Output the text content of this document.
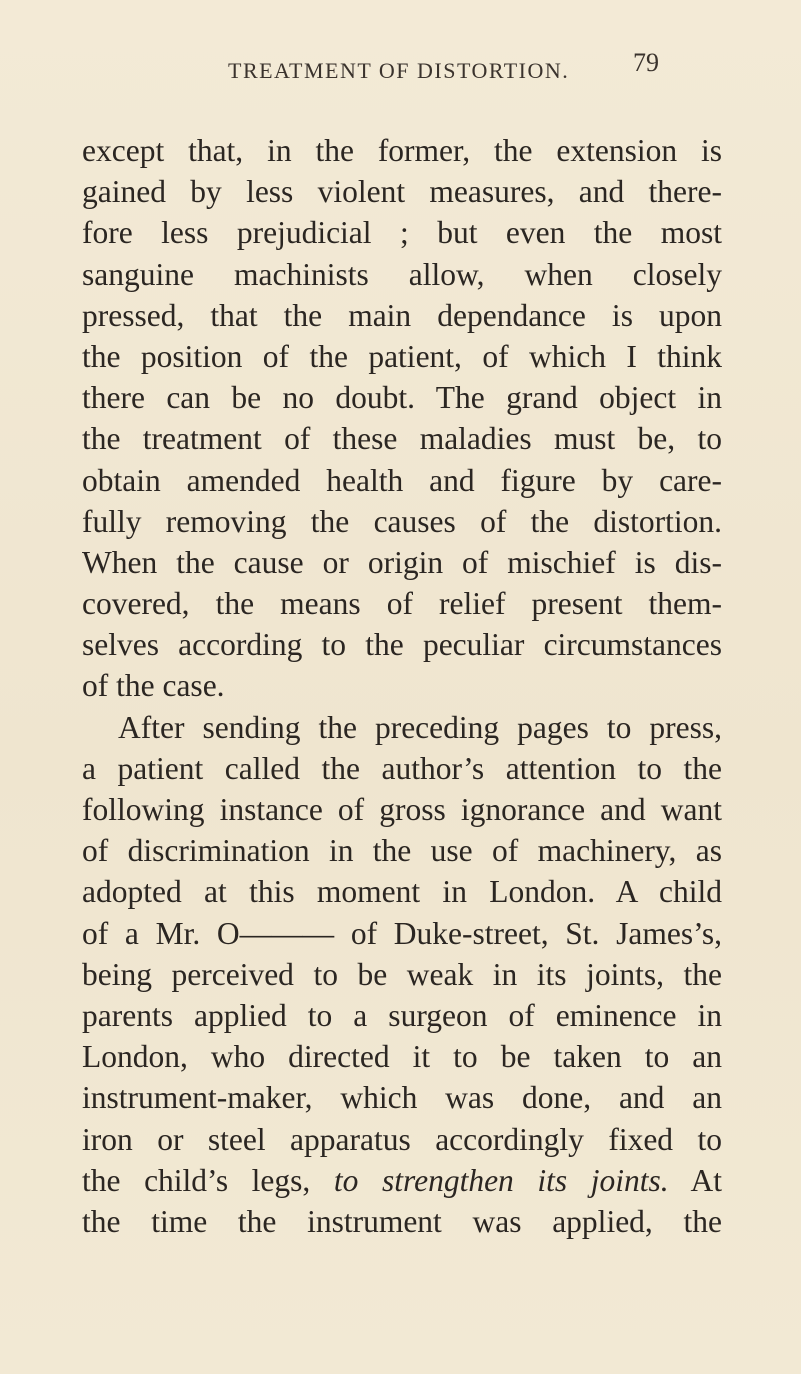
TREATMENT OF DISTORTION. 79
except that, in the former, the extension is
gained by less violent measures, and there-
fore less prejudicial ; but even the most
sanguine machinists allow, when closely
pressed, that the main dependance is upon
the position of the patient, of which I think
there can be no doubt. The grand object in
the treatment of these maladies must be, to
obtain amended health and figure by care-
fully removing the causes of the distortion.
When the cause or origin of mischief is dis-
covered, the means of relief present them-
selves according to the peculiar circumstances
of the case.
After sending the preceding pages to press,
a patient called the author’s attention to the
following instance of gross ignorance and want
of discrimination in the use of machinery, as
adopted at this moment in London. A child
of a Mr. O——— of Duke-street, St. James’s,
being perceived to be weak in its joints, the
parents applied to a surgeon of eminence in
London, who directed it to be taken to an
instrument-maker, which was done, and an
iron or steel apparatus accordingly fixed to
the child’s legs, to strengthen its joints. At
the time the instrument was applied, the
